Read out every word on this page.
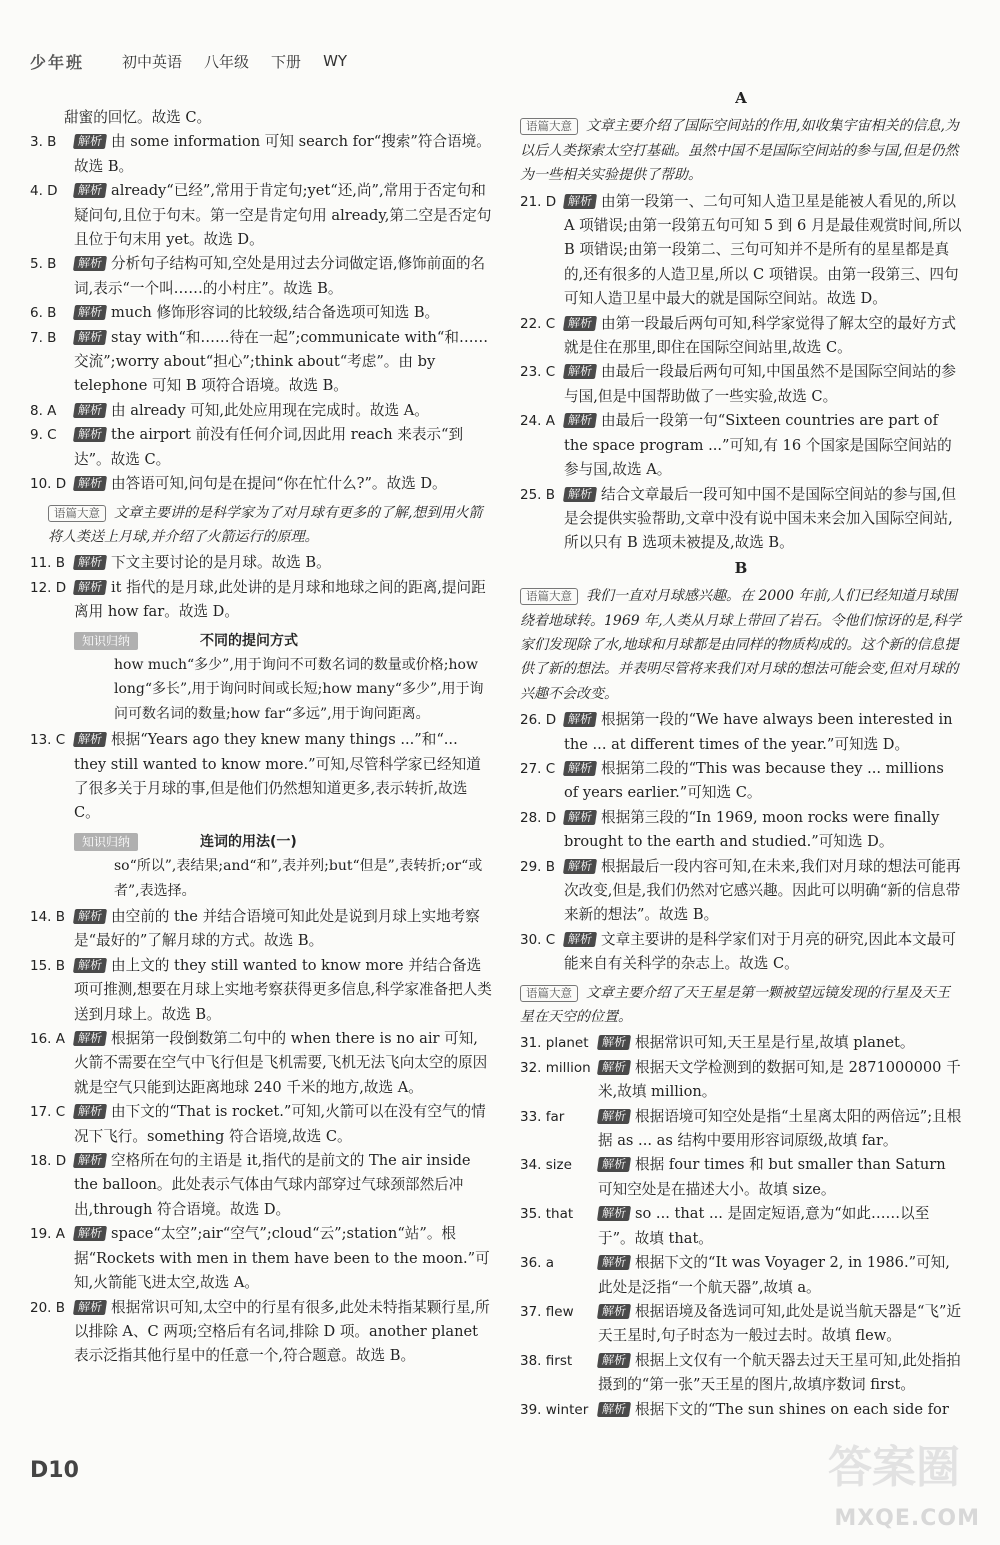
少年班	初中英语 八年级 下册 WY
甜蜜的回忆。故选 C。
3. B 解析 由 some information 可知 search for“搜索”符合语境。故选 B。
4. D 解析 already“已经”,常用于肯定句;yet“还,尚”,常用于否定句和疑问句,且位于句末。第一空是肯定句用 already,第二空是否定句且位于句末用 yet。故选 D。
5. B 解析 分析句子结构可知,空处是用过去分词做定语,修饰前面的名词,表示“一个叫……的小村庄”。故选 B。
6. B 解析 much 修饰形容词的比较级,结合备选项可知选 B。
7. B 解析 stay with“和……待在一起”;communicate with“和……交流”;worry about“担心”;think about“考虑”。由 by telephone 可知 B 项符合语境。故选 B。
8. A 解析 由 already 可知,此处应用现在完成时。故选 A。
9. C 解析 the airport 前没有任何介词,因此用 reach 来表示“到达”。故选 C。
10. D 解析 由答语可知,问句是在提问“你在忙什么?”。故选 D。
语篇大意 文章主要讲的是科学家为了对月球有更多的了解,想到用火箭将人类送上月球,并介绍了火箭运行的原理。
11. B 解析 下文主要讨论的是月球。故选 B。
12. D 解析 it 指代的是月球,此处讲的是月球和地球之间的距离,提问距离用 how far。故选 D。
知识归纳	不同的提问方式
how much“多少”,用于询问不可数名词的数量或价格;how long“多长”,用于询问时间或长短;how many“多少”,用于询问可数名词的数量;how far“多远”,用于询问距离。
13. C 解析 根据“Years ago they knew many things ...”和“... they still wanted to know more.”可知,尽管科学家已经知道了很多关于月球的事,但是他们仍然想知道更多,表示转折,故选 C。
知识归纳	连词的用法(一)
so“所以”,表结果;and“和”,表并列;but“但是”,表转折;or“或者”,表选择。
14. B 解析 由空前的 the 并结合语境可知此处是说到月球上实地考察是“最好的”了解月球的方式。故选 B。
15. B 解析 由上文的 they still wanted to know more 并结合备选项可推测,想要在月球上实地考察获得更多信息,科学家准备把人类送到月球上。故选 B。
16. A 解析 根据第一段倒数第二句中的 when there is no air 可知,火箭不需要在空气中飞行但是飞机需要,飞机无法飞向太空的原因就是空气只能到达距离地球 240 千米的地方,故选 A。
17. C 解析 由下文的“That is rocket.”可知,火箭可以在没有空气的情况下飞行。something 符合语境,故选 C。
18. D 解析 空格所在句的主语是 it,指代的是前文的 The air inside the balloon。此处表示气体由气球内部穿过气球颈部然后冲出,through 符合语境。故选 D。
19. A 解析 space“太空”;air“空气”;cloud“云”;station“站”。根据“Rockets with men in them have been to the moon.”可知,火箭能飞进太空,故选 A。
20. B 解析 根据常识可知,太空中的行星有很多,此处未特指某颗行星,所以排除 A、C 两项;空格后有名词,排除 D 项。another planet 表示泛指其他行星中的任意一个,符合题意。故选 B。
A
语篇大意 文章主要介绍了国际空间站的作用,如收集宇宙相关的信息,为以后人类探索太空打基础。虽然中国不是国际空间站的参与国,但是仍然为一些相关实验提供了帮助。
21. D 解析 由第一段第一、二句可知人造卫星是能被人看见的,所以 A 项错误;由第一段第五句可知 5 到 6 月是最佳观赏时间,所以 B 项错误;由第一段第二、三句可知并不是所有的星星都是真的,还有很多的人造卫星,所以 C 项错误。由第一段第三、四句可知人造卫星中最大的就是国际空间站。故选 D。
22. C 解析 由第一段最后两句可知,科学家觉得了解太空的最好方式就是住在那里,即住在国际空间站里,故选 C。
23. C 解析 由最后一段最后两句可知,中国虽然不是国际空间站的参与国,但是中国帮助做了一些实验,故选 C。
24. A 解析 由最后一段第一句“Sixteen countries are part of the space program ...”可知,有 16 个国家是国际空间站的参与国,故选 A。
25. B 解析 结合文章最后一段可知中国不是国际空间站的参与国,但是会提供实验帮助,文章中没有说中国未来会加入国际空间站,所以只有 B 选项未被提及,故选 B。
B
语篇大意 我们一直对月球感兴趣。在 2000 年前,人们已经知道月球围绕着地球转。1969 年,人类从月球上带回了岩石。令他们惊讶的是,科学家们发现除了水,地球和月球都是由同样的物质构成的。这个新的信息提供了新的想法。并表明尽管将来我们对月球的想法可能会变,但对月球的兴趣不会改变。
26. D 解析 根据第一段的“We have always been interested in the ... at different times of the year.”可知选 D。
27. C 解析 根据第二段的“This was because they ... millions of years earlier.”可知选 C。
28. D 解析 根据第三段的“In 1969, moon rocks were finally brought to the earth and studied.”可知选 D。
29. B 解析 根据最后一段内容可知,在未来,我们对月球的想法可能再次改变,但是,我们仍然对它感兴趣。因此可以明确“新的信息带来新的想法”。故选 B。
30. C 解析 文章主要讲的是科学家们对于月亮的研究,因此本文最可能来自有关科学的杂志上。故选 C。
语篇大意 文章主要介绍了天王星是第一颗被望远镜发现的行星及天王星在天空的位置。
31. planet 解析 根据常识可知,天王星是行星,故填 planet。
32. million 解析 根据天文学检测到的数据可知,是 2871000000 千米,故填 million。
33. far	解析 根据语境可知空处是指“土星离太阳的两倍远”;且根据 as ... as 结构中要用形容词原级,故填 far。
34. size 解析 根据 four times 和 but smaller than Saturn 可知空处是在描述大小。故填 size。
35. that 解析 so ... that ... 是固定短语,意为“如此……以至于”。故填 that。
36. a	解析 根据下文的“It was Voyager 2, in 1986.”可知,此处是泛指“一个航天器”,故填 a。
37. flew 解析 根据语境及备选词可知,此处是说当航天器是“飞”近天王星时,句子时态为一般过去时。故填 flew。
38. first 解析 根据上文仅有一个航天器去过天王星可知,此处指拍摄到的“第一张”天王星的图片,故填序数词 first。
39. winter 解析 根据下文的“The sun shines on each side for
D10	答案圈
MXQE.COM
